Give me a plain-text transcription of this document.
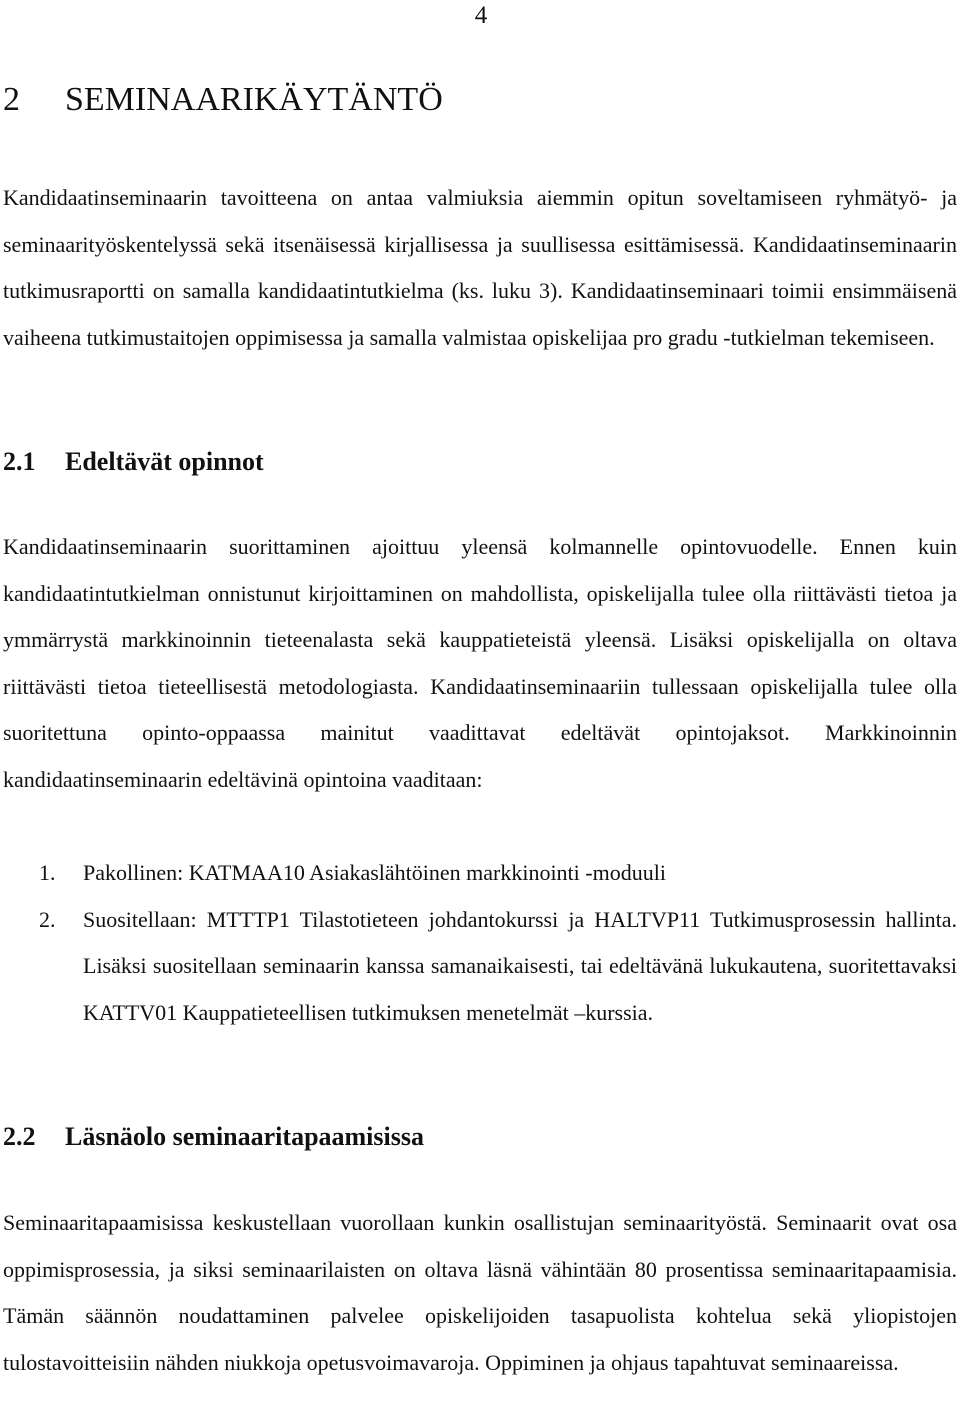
4
2 SEMINAARIKÄYTÄNTÖ

Kandidaatinseminaarin tavoitteena on antaa valmiuksia aiemmin opitun soveltamiseen ryhmätyö- ja seminaarityöskentelyssä sekä itsenäisessä kirjallisessa ja suullisessa esittämisessä. Kandidaatinseminaarin tutkimusraportti on samalla kandidaatintutkielma (ks. luku 3). Kandidaatinseminaari toimii ensimmäisenä vaiheena tutkimustaitojen oppimisessa ja samalla valmistaa opiskelijaa pro gradu -tutkielman tekemiseen.

2.1 Edeltävät opinnot

Kandidaatinseminaarin suorittaminen ajoittuu yleensä kolmannelle opintovuodelle. Ennen kuin kandidaatintutkielman onnistunut kirjoittaminen on mahdollista, opiskelijalla tulee olla riittävästi tietoa ja ymmärrystä markkinoinnin tieteenalasta sekä kauppatieteistä yleensä. Lisäksi opiskelijalla on oltava riittävästi tietoa tieteellisestä metodologiasta. Kandidaatinseminaariin tullessaan opiskelijalla tulee olla suoritettuna opinto-oppaassa mainitut vaadittavat edeltävät opintojaksot. Markkinoinnin kandidaatinseminaarin edeltävinä opintoina vaaditaan:

1. Pakollinen: KATMAA10 Asiakaslähtöinen markkinointi -moduuli
2. Suositellaan: MTTTP1 Tilastotieteen johdantokurssi ja HALTVP11 Tutkimusprosessin hallinta. Lisäksi suositellaan seminaarin kanssa samanaikaisesti, tai edeltävänä lukukautena, suoritettavaksi KATTV01 Kauppatieteellisen tutkimuksen menetelmät –kurssia.
2.2 Läsnäolo seminaaritapaamisissa

Seminaaritapaamisissa keskustellaan vuorollaan kunkin osallistujan seminaarityöstä. Seminaarit ovat osa oppimisprosessia, ja siksi seminaarilaisten on oltava läsnä vähintään 80 prosentissa seminaaritapaamisia. Tämän säännön noudattaminen palvelee opiskelijoiden tasapuolista kohtelua sekä yliopistojen tulostavoitteisiin nähden niukkoja opetusvoimavaroja. Oppiminen ja ohjaus tapahtuvat seminaareissa.
